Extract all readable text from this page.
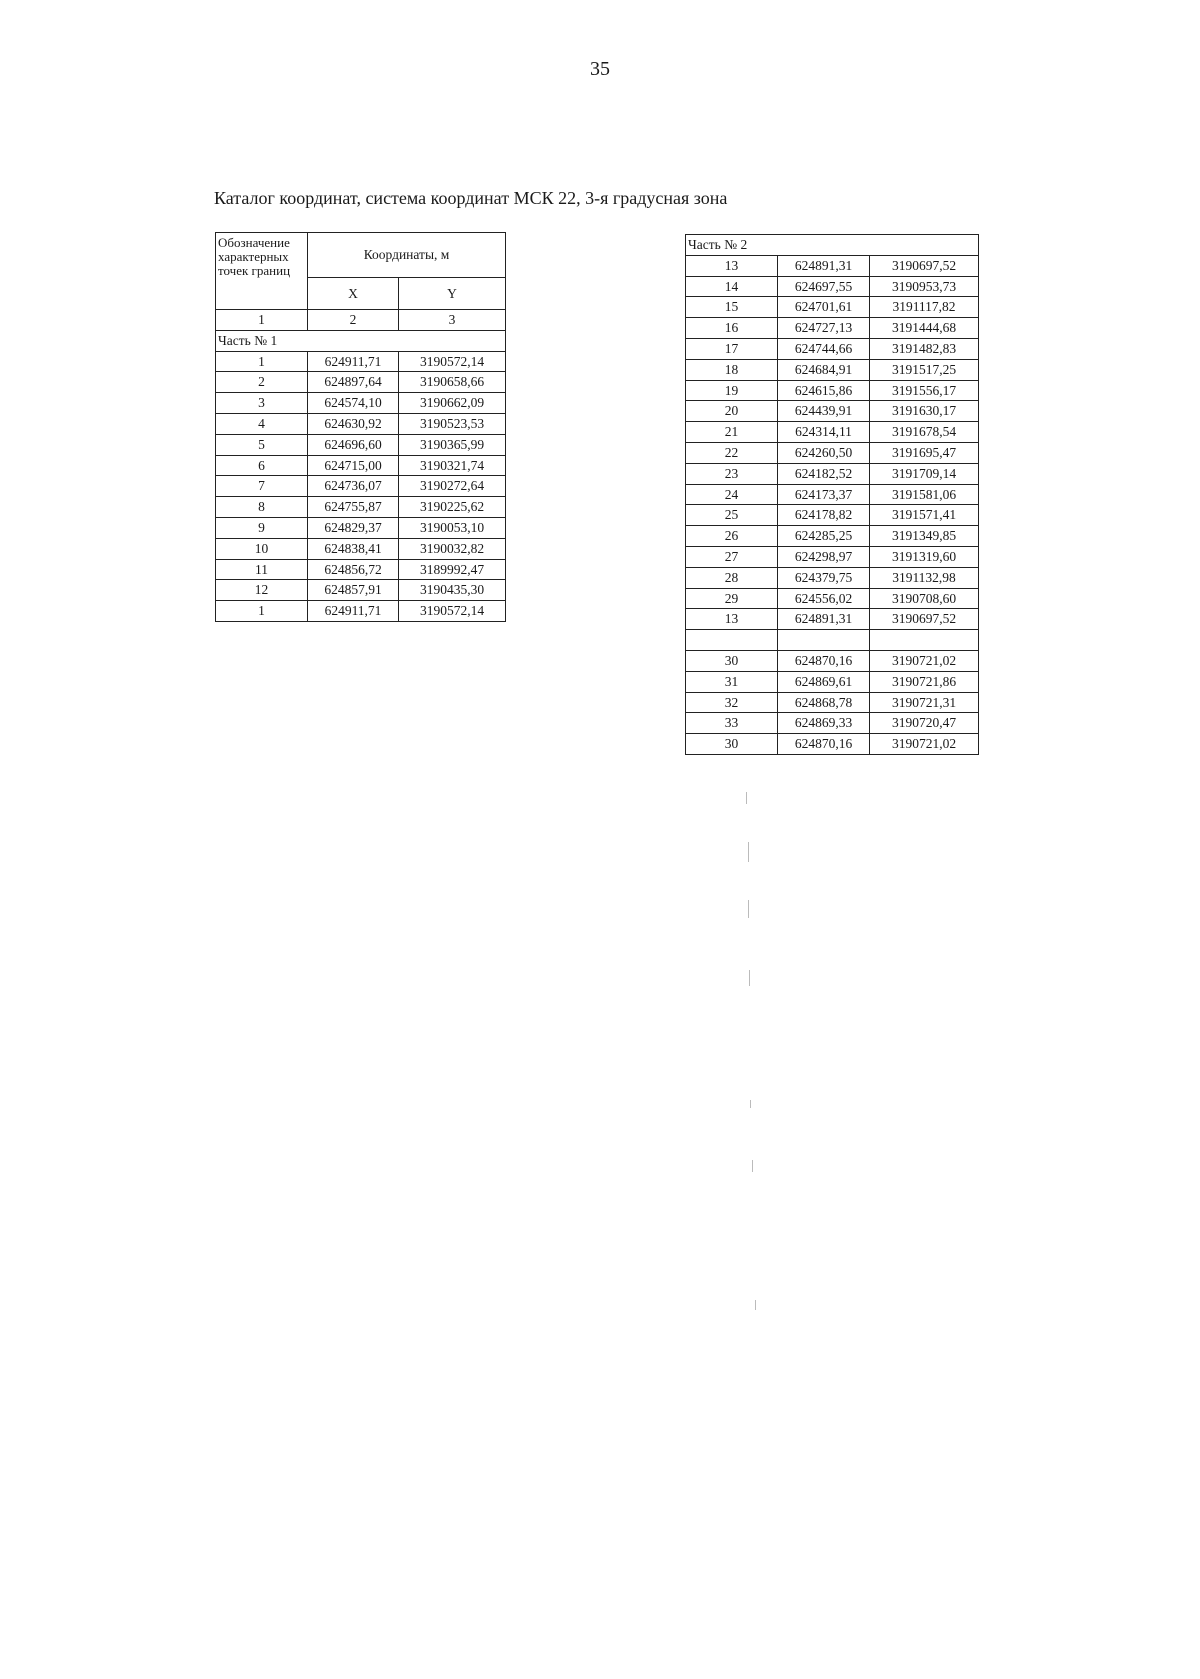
35
Каталог координат, система координат МСК 22, 3-я градусная зона
Обозначение характерных точек границ	Координаты, м	
	X	Y
1	2	3
Часть № 1		
1	624911,71	3190572,14
2	624897,64	3190658,66
3	624574,10	3190662,09
4	624630,92	3190523,53
5	624696,60	3190365,99
6	624715,00	3190321,74
7	624736,07	3190272,64
8	624755,87	3190225,62
9	624829,37	3190053,10
10	624838,41	3190032,82
11	624856,72	3189992,47
12	624857,91	3190435,30
1	624911,71	3190572,14
Часть № 2		
13	624891,31	3190697,52
14	624697,55	3190953,73
15	624701,61	3191117,82
16	624727,13	3191444,68
17	624744,66	3191482,83
18	624684,91	3191517,25
19	624615,86	3191556,17
20	624439,91	3191630,17
21	624314,11	3191678,54
22	624260,50	3191695,47
23	624182,52	3191709,14
24	624173,37	3191581,06
25	624178,82	3191571,41
26	624285,25	3191349,85
27	624298,97	3191319,60
28	624379,75	3191132,98
29	624556,02	3190708,60
13	624891,31	3190697,52

30	624870,16	3190721,02
31	624869,61	3190721,86
32	624868,78	3190721,31
33	624869,33	3190720,47
30	624870,16	3190721,02
